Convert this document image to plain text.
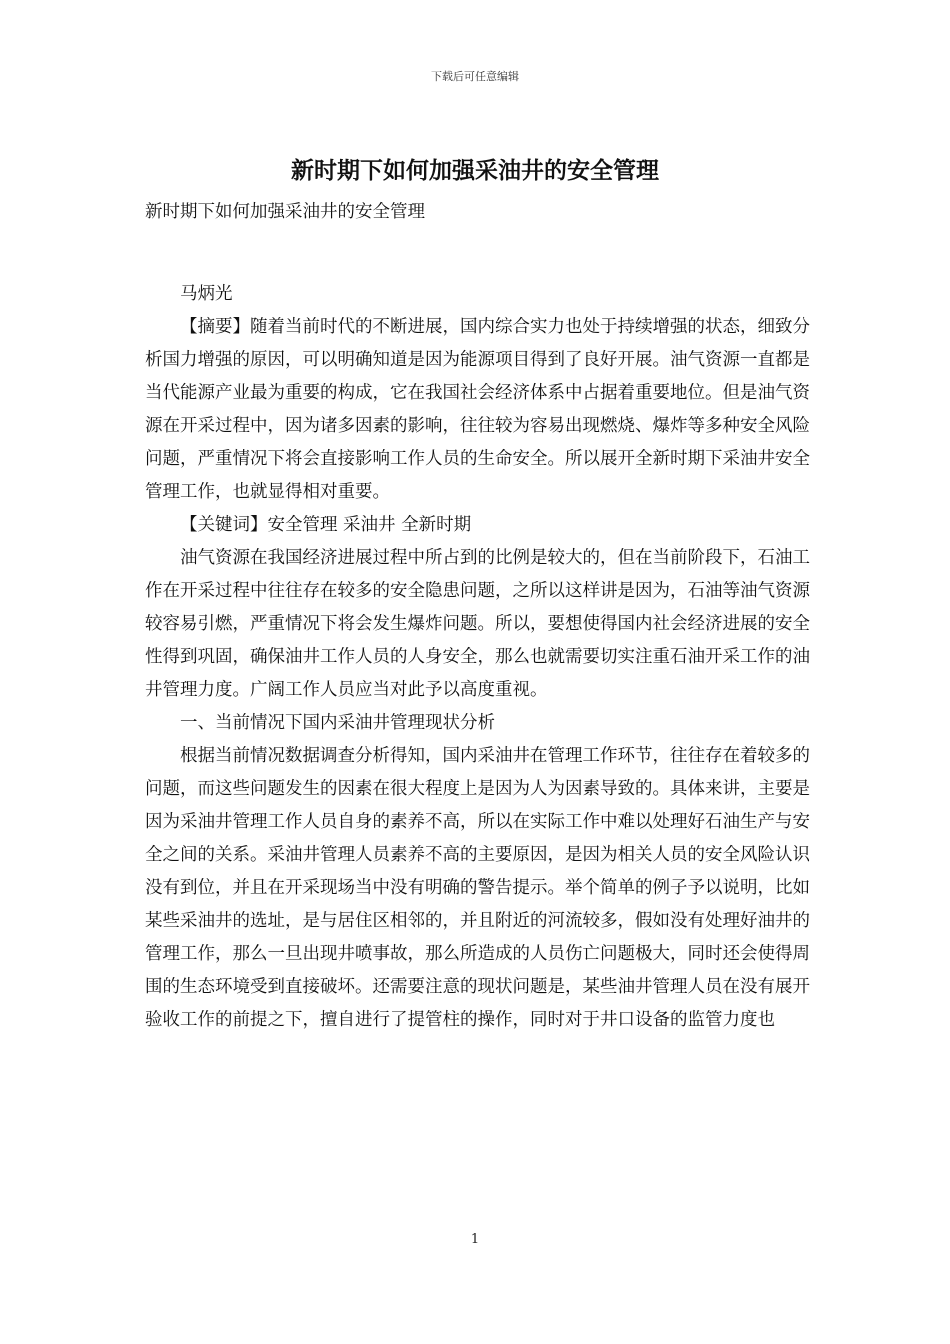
下载后可任意编辑
新时期下如何加强采油井的安全管理

新时期下如何加强采油井的安全管理

马炳光

【摘要】随着当前时代的不断进展，国内综合实力也处于持续增强的状态，细致分析国力增强的原因，可以明确知道是因为能源项目得到了良好开展。油气资源一直都是当代能源产业最为重要的构成，它在我国社会经济体系中占据着重要地位。但是油气资源在开采过程中，因为诸多因素的影响，往往较为容易出现燃烧、爆炸等多种安全风险问题，严重情况下将会直接影响工作人员的生命安全。所以展开全新时期下采油井安全管理工作，也就显得相对重要。

【关键词】安全管理 采油井 全新时期

油气资源在我国经济进展过程中所占到的比例是较大的，但在当前阶段下，石油工作在开采过程中往往存在较多的安全隐患问题，之所以这样讲是因为，石油等油气资源较容易引燃，严重情况下将会发生爆炸问题。所以，要想使得国内社会经济进展的安全性得到巩固，确保油井工作人员的人身安全，那么也就需要切实注重石油开采工作的油井管理力度。广阔工作人员应当对此予以高度重视。

一、当前情况下国内采油井管理现状分析

根据当前情况数据调查分析得知，国内采油井在管理工作环节，往往存在着较多的问题，而这些问题发生的因素在很大程度上是因为人为因素导致的。具体来讲，主要是因为采油井管理工作人员自身的素养不高，所以在实际工作中难以处理好石油生产与安全之间的关系。采油井管理人员素养不高的主要原因，是因为相关人员的安全风险认识没有到位，并且在开采现场当中没有明确的警告提示。举个简单的例子予以说明，比如某些采油井的选址，是与居住区相邻的，并且附近的河流较多，假如没有处理好油井的管理工作，那么一旦出现井喷事故，那么所造成的人员伤亡问题极大，同时还会使得周围的生态环境受到直接破坏。还需要注意的现状问题是，某些油井管理人员在没有展开验收工作的前提之下，擅自进行了提管柱的操作，同时对于井口设备的监管力度也

1
